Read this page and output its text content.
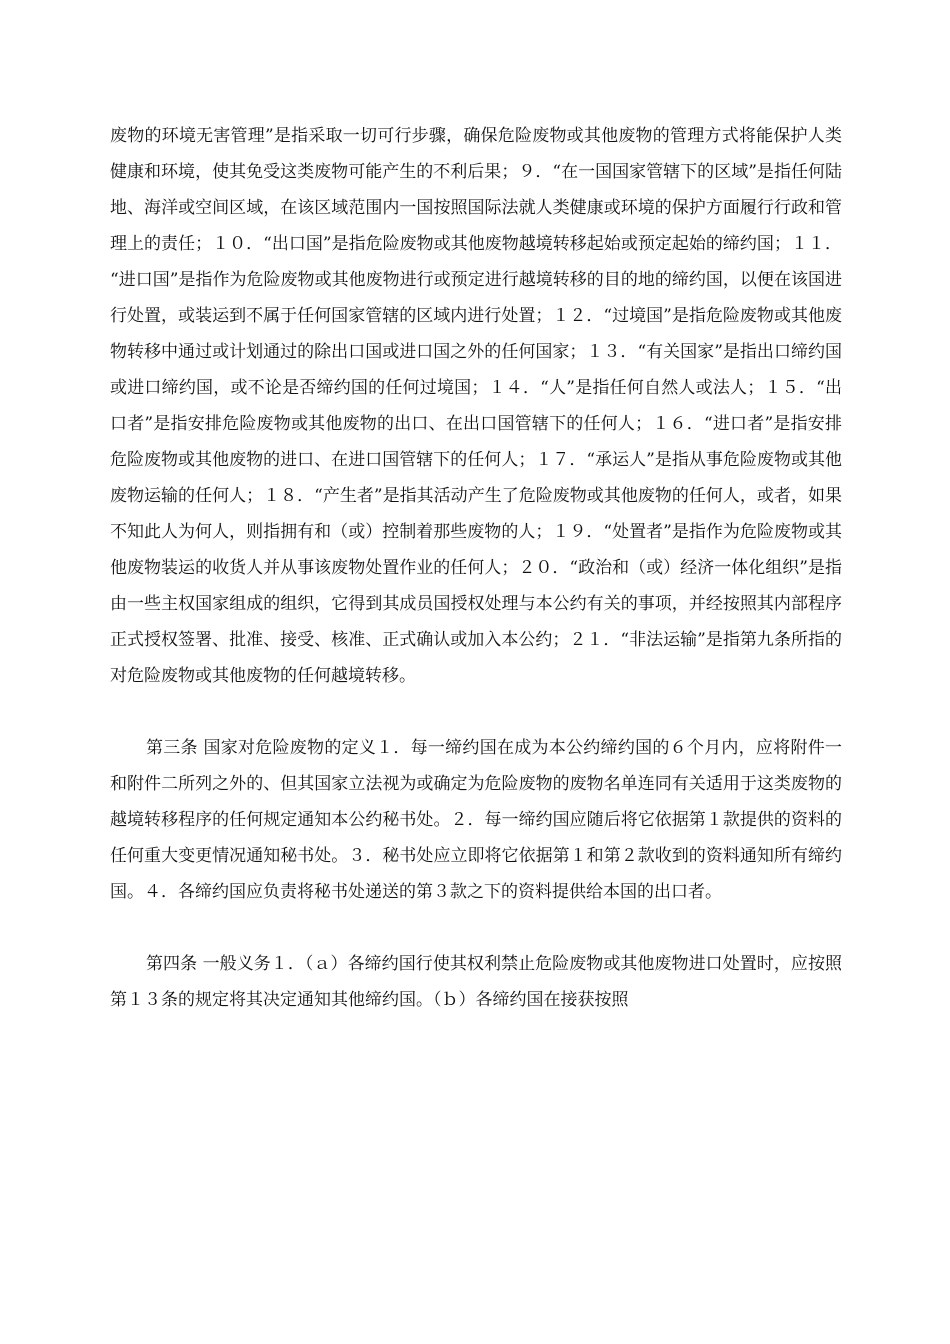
废物的环境无害管理”是指采取一切可行步骤，确保危险废物或其他废物的管理方式将能保护人类健康和环境，使其免受这类废物可能产生的不利后果；９．“在一国国家管辖下的区域”是指任何陆地、海洋或空间区域，在该区域范围内一国按照国际法就人类健康或环境的保护方面履行行政和管理上的责任；１０．“出口国”是指危险废物或其他废物越境转移起始或预定起始的缔约国；１１．“进口国”是指作为危险废物或其他废物进行或预定进行越境转移的目的地的缔约国，以便在该国进行处置，或装运到不属于任何国家管辖的区域内进行处置；１２．“过境国”是指危险废物或其他废物转移中通过或计划通过的除出口国或进口国之外的任何国家；１３．“有关国家”是指出口缔约国或进口缔约国，或不论是否缔约国的任何过境国；１４．“人”是指任何自然人或法人；１５．“出口者”是指安排危险废物或其他废物的出口、在出口国管辖下的任何人；１６．“进口者”是指安排危险废物或其他废物的进口、在进口国管辖下的任何人；１７．“承运人”是指从事危险废物或其他废物运输的任何人；１８．“产生者”是指其活动产生了危险废物或其他废物的任何人，或者，如果不知此人为何人，则指拥有和（或）控制着那些废物的人；１９．“处置者”是指作为危险废物或其他废物装运的收货人并从事该废物处置作业的任何人；２０．“政治和（或）经济一体化组织”是指由一些主权国家组成的组织，它得到其成员国授权处理与本公约有关的事项，并经按照其内部程序正式授权签署、批准、接受、核准、正式确认或加入本公约；２１．“非法运输”是指第九条所指的对危险废物或其他废物的任何越境转移。

第三条 国家对危险废物的定义１．每一缔约国在成为本公约缔约国的６个月内，应将附件一和附件二所列之外的、但其国家立法视为或确定为危险废物的废物名单连同有关适用于这类废物的越境转移程序的任何规定通知本公约秘书处。２．每一缔约国应随后将它依据第１款提供的资料的任何重大变更情况通知秘书处。３．秘书处应立即将它依据第１和第２款收到的资料通知所有缔约国。４．各缔约国应负责将秘书处递送的第３款之下的资料提供给本国的出口者。

第四条 一般义务１．（ａ）各缔约国行使其权利禁止危险废物或其他废物进口处置时，应按照第１３条的规定将其决定通知其他缔约国。（ｂ）各缔约国在接获按照
